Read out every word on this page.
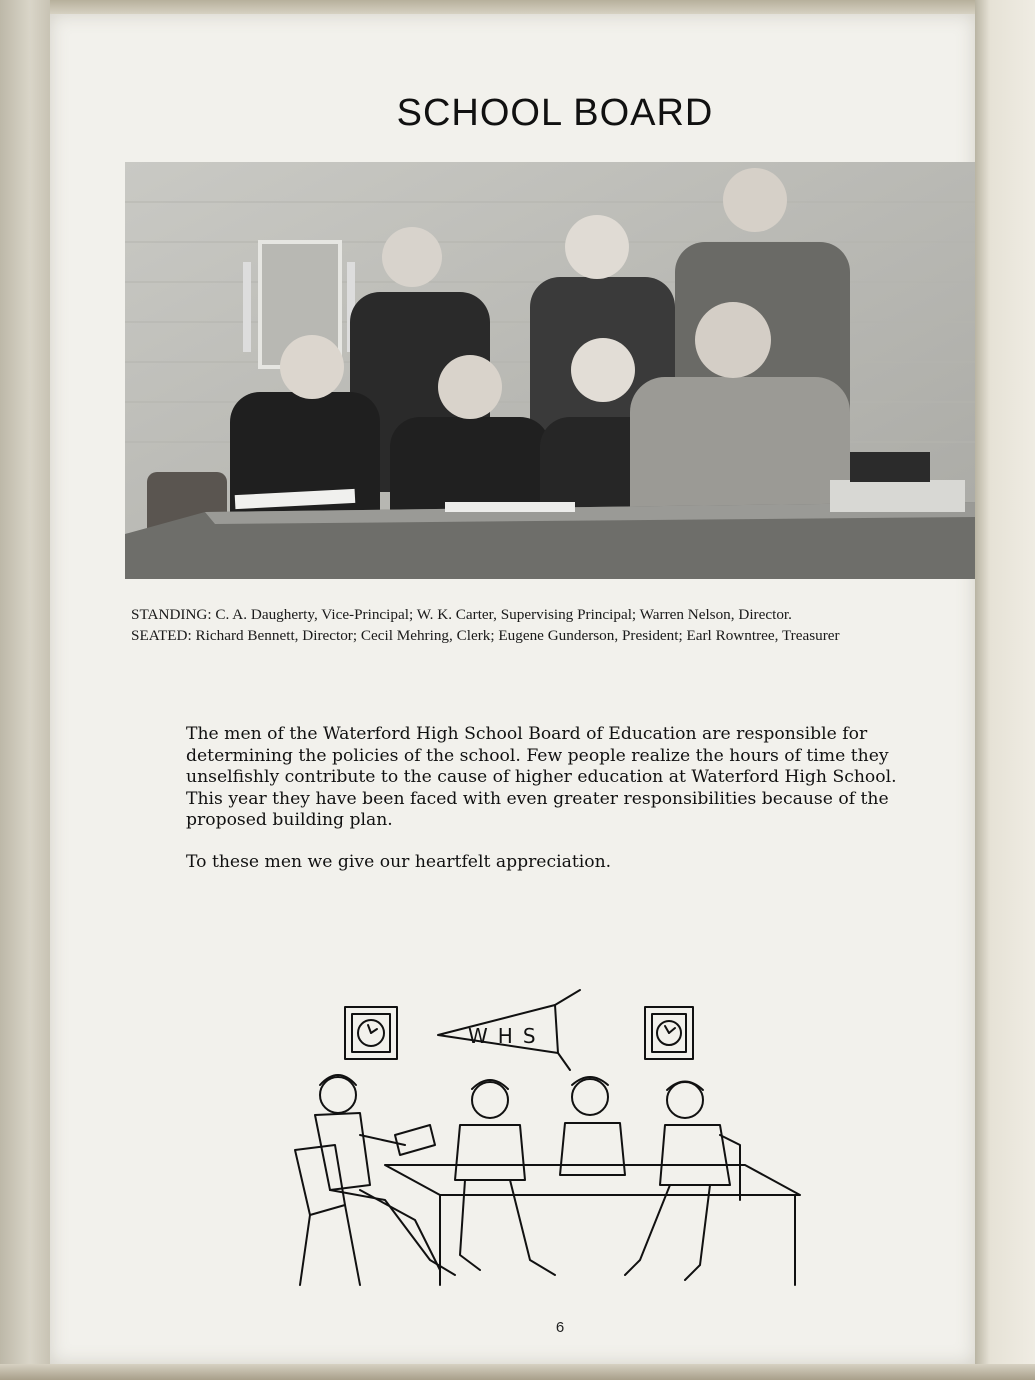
SCHOOL BOARD
STANDING: C. A. Daugherty, Vice-Principal; W. K. Carter, Supervising Principal; Warren Nelson, Director.
SEATED: Richard Bennett, Director; Cecil Mehring, Clerk; Eugene Gunderson, President; Earl Rowntree, Treasurer

The men of the Waterford High School Board of Education are responsible for determining the policies of the school. Few people realize the hours of time they unselfishly contribute to the cause of higher education at Waterford High School. This year they have been faced with even greater responsibilities because of the proposed building plan.

To these men we give our heartfelt appreciation.

WHS
6
